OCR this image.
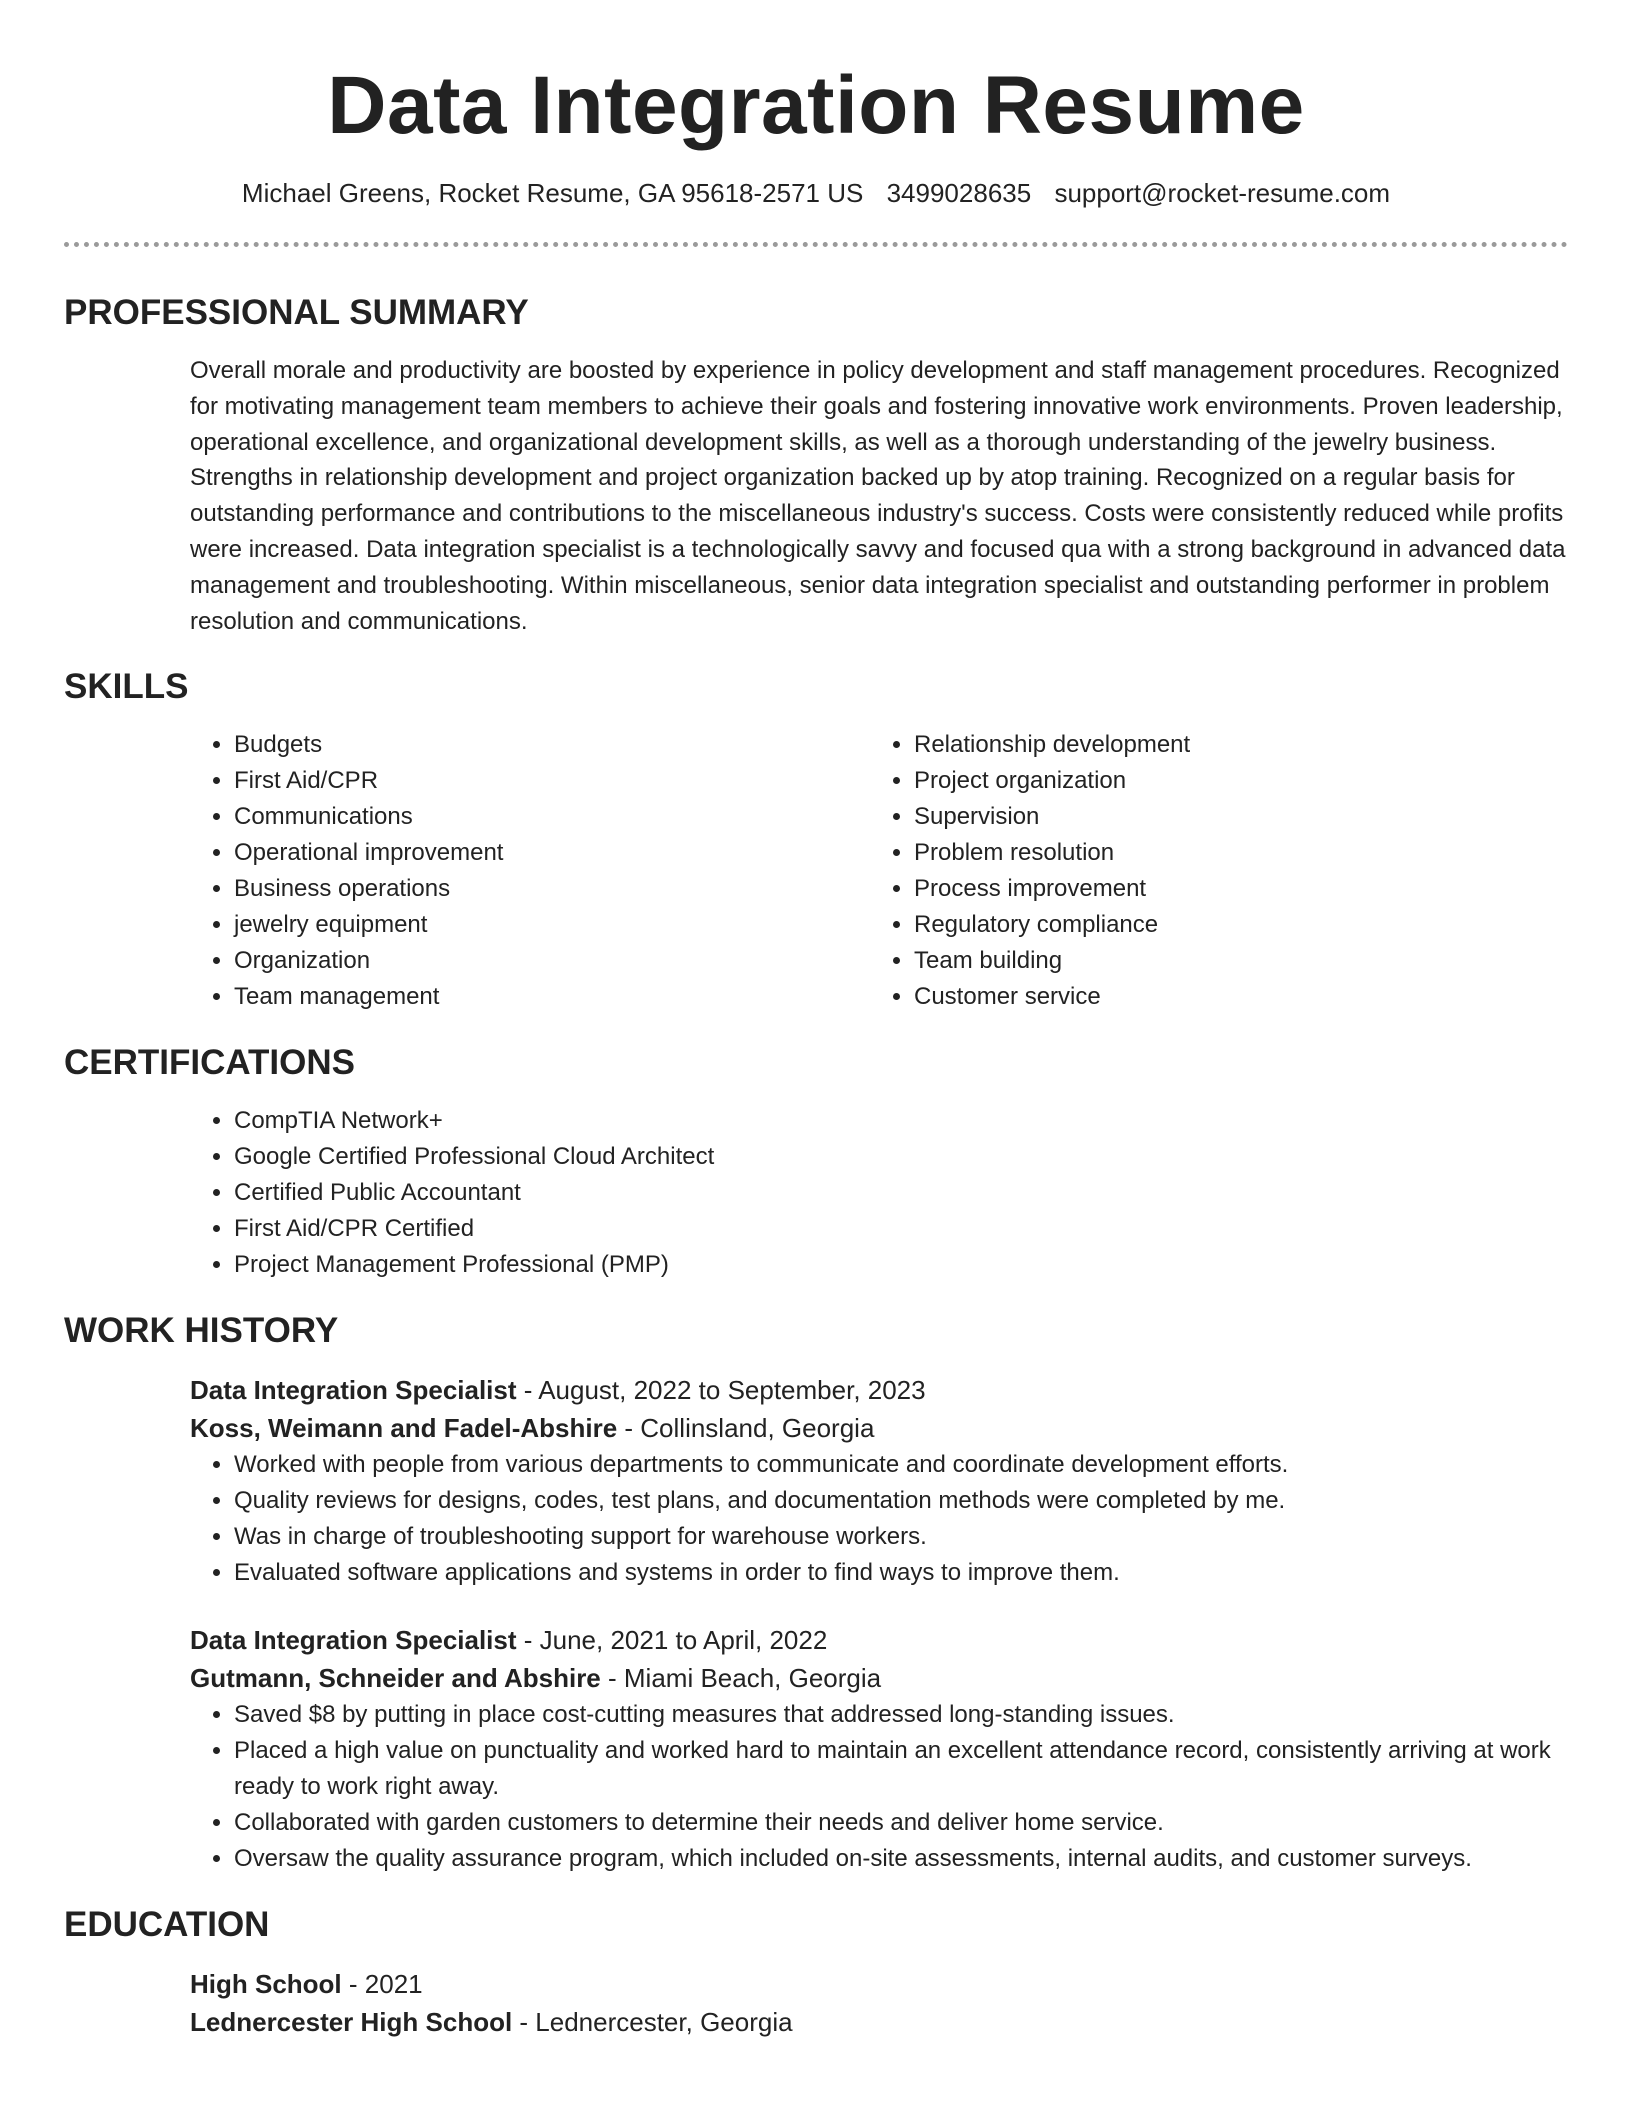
Data Integration Resume
Michael Greens, Rocket Resume, GA 95618-2571 US 3499028635 support@rocket-resume.com
PROFESSIONAL SUMMARY

Overall morale and productivity are boosted by experience in policy development and staff management procedures. Recognized for motivating management team members to achieve their goals and fostering innovative work environments. Proven leadership, operational excellence, and organizational development skills, as well as a thorough understanding of the jewelry business. Strengths in relationship development and project organization backed up by atop training. Recognized on a regular basis for outstanding performance and contributions to the miscellaneous industry's success. Costs were consistently reduced while profits were increased. Data integration specialist is a technologically savvy and focused qua with a strong background in advanced data management and troubleshooting. Within miscellaneous, senior data integration specialist and outstanding performer in problem resolution and communications.

SKILLS
• Budgets
• First Aid/CPR
• Communications
• Operational improvement
• Business operations
• jewelry equipment
• Organization
• Team management
• Relationship development
• Project organization
• Supervision
• Problem resolution
• Process improvement
• Regulatory compliance
• Team building
• Customer service
CERTIFICATIONS
• CompTIA Network+
• Google Certified Professional Cloud Architect
• Certified Public Accountant
• First Aid/CPR Certified
• Project Management Professional (PMP)
WORK HISTORY
Data Integration Specialist - August, 2022 to September, 2023
Koss, Weimann and Fadel-Abshire - Collinsland, Georgia
• Worked with people from various departments to communicate and coordinate development efforts.
• Quality reviews for designs, codes, test plans, and documentation methods were completed by me.
• Was in charge of troubleshooting support for warehouse workers.
• Evaluated software applications and systems in order to find ways to improve them.
Data Integration Specialist - June, 2021 to April, 2022
Gutmann, Schneider and Abshire - Miami Beach, Georgia
• Saved $8 by putting in place cost-cutting measures that addressed long-standing issues.
• Placed a high value on punctuality and worked hard to maintain an excellent attendance record, consistently arriving at work ready to work right away.
• Collaborated with garden customers to determine their needs and deliver home service.
• Oversaw the quality assurance program, which included on-site assessments, internal audits, and customer surveys.
EDUCATION
High School - 2021
Lednercester High School - Lednercester, Georgia
